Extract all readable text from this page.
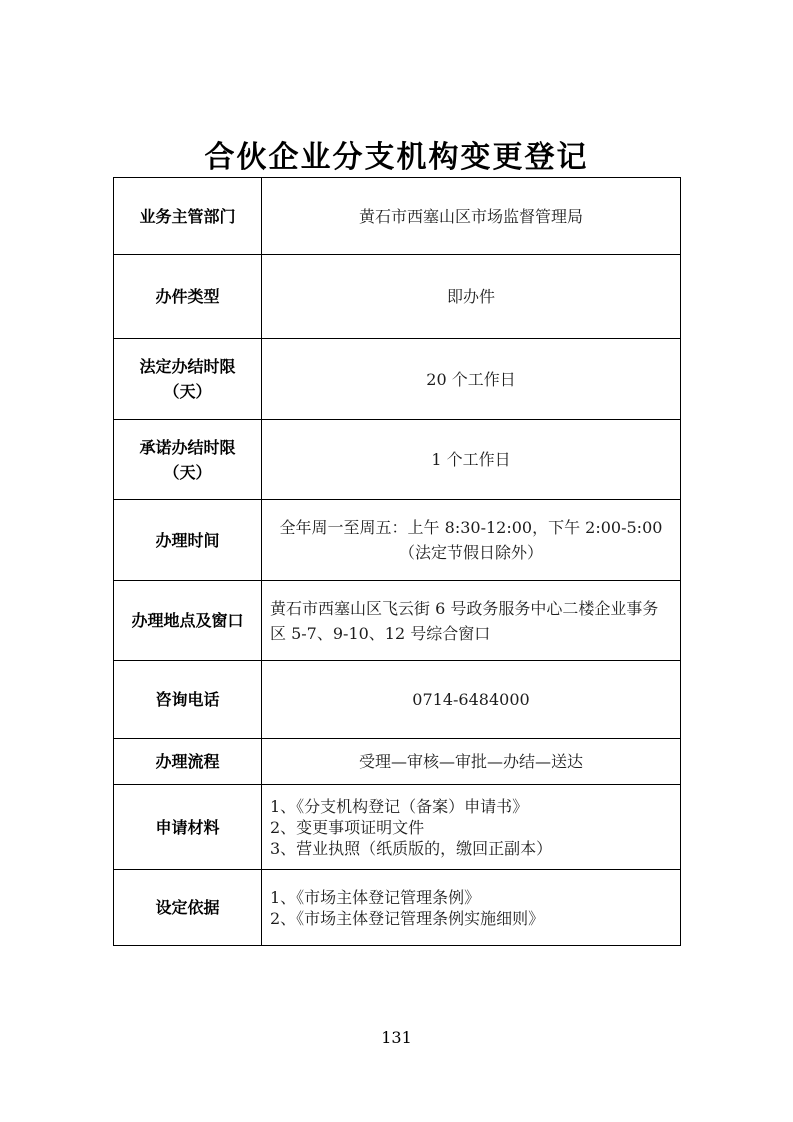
合伙企业分支机构变更登记
业务主管部门	黄石市西塞山区市场监督管理局
办件类型	即办件
法定办结时限（天）	20 个工作日
承诺办结时限（天）	1 个工作日
办理时间	全年周一至周五：上午 8:30-12:00，下午 2:00-5:00 （法定节假日除外）
办理地点及窗口	黄石市西塞山区飞云街 6 号政务服务中心二楼企业事务区 5-7、9-10、12 号综合窗口
咨询电话	0714-6484000
办理流程	受理—审核—审批—办结—送达
申请材料	1、《分支机构登记（备案）申请书》
2、变更事项证明文件
3、营业执照（纸质版的，缴回正副本）

设定依据	1、《市场主体登记管理条例》
2、《市场主体登记管理条例实施细则》
131
